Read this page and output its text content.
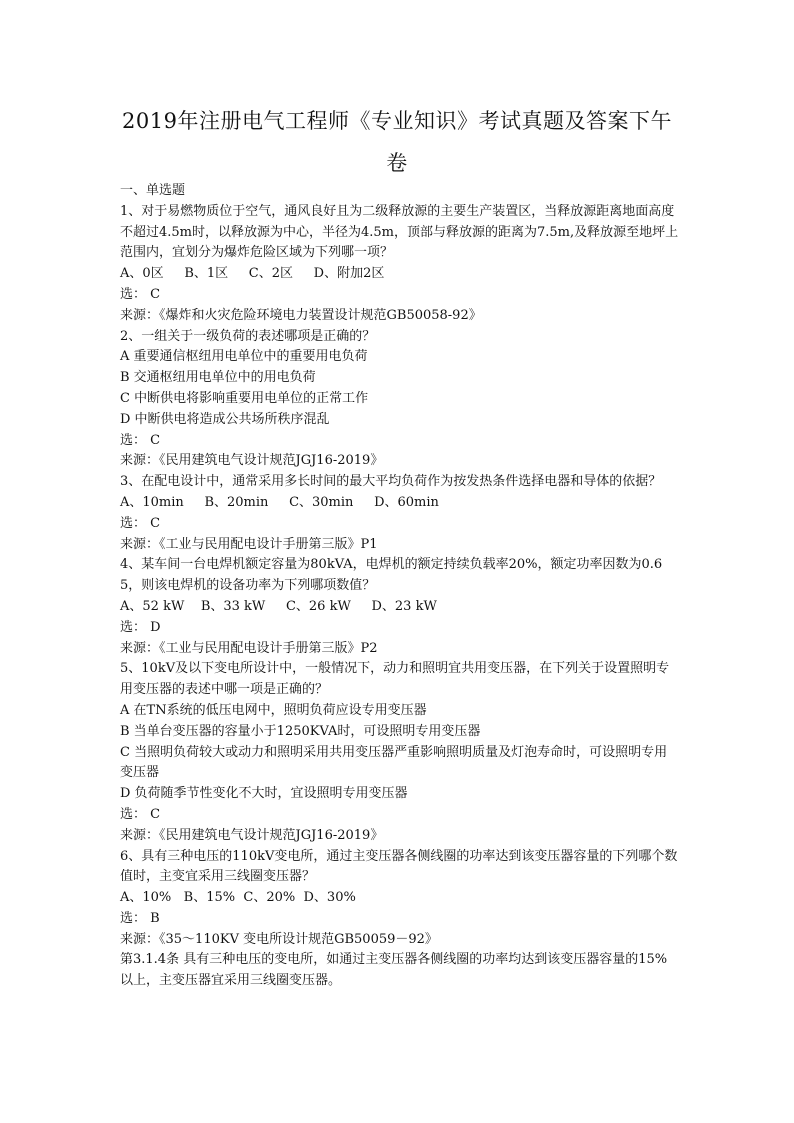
2019年注册电气工程师《专业知识》考试真题及答案下午
卷
一、单选题
1、对于易燃物质位于空气，通风良好且为二级释放源的主要生产装置区，当释放源距离地面高度不超过4.5m时，以释放源为中心，半径为4.5m，顶部与释放源的距离为7.5m,及释放源至地坪上范围内，宜划分为爆炸危险区域为下列哪一项？
A、0区     B、1区     C、2区     D、附加2区
选： C
来源：《爆炸和火灾危险环境电力装置设计规范GB50058-92》
2、一组关于一级负荷的表述哪项是正确的？
A 重要通信枢纽用电单位中的重要用电负荷
B 交通枢纽用电单位中的用电负荷
C 中断供电将影响重要用电单位的正常工作
D 中断供电将造成公共场所秩序混乱
选： C
来源：《民用建筑电气设计规范JGJ16-2019》
3、在配电设计中，通常采用多长时间的最大平均负荷作为按发热条件选择电器和导体的依据？
A、10min     B、20min     C、30min     D、60min
选： C
来源：《工业与民用配电设计手册第三版》P1
4、某车间一台电焊机额定容量为80kVA，电焊机的额定持续负载率20%，额定功率因数为0.65，则该电焊机的设备功率为下列哪项数值？
A、52 kW    B、33 kW     C、26 kW     D、23 kW
选： D
来源：《工业与民用配电设计手册第三版》P2
5、10kV及以下变电所设计中，一般情况下，动力和照明宜共用变压器，在下列关于设置照明专用变压器的表述中哪一项是正确的？
A 在TN系统的低压电网中，照明负荷应设专用变压器
B 当单台变压器的容量小于1250KVA时，可设照明专用变压器
C 当照明负荷较大或动力和照明采用共用变压器严重影响照明质量及灯泡寿命时，可设照明专用变压器
D 负荷随季节性变化不大时，宜设照明专用变压器
选： C
来源：《民用建筑电气设计规范JGJ16-2019》
6、具有三种电压的110kV变电所，通过主变压器各侧线圈的功率达到该变压器容量的下列哪个数值时，主变宜采用三线圈变压器？
A、10%   B、15%  C、20%  D、30%
选： B
来源：《35～110KV 变电所设计规范GB50059－92》
第3.1.4条 具有三种电压的变电所，如通过主变压器各侧线圈的功率均达到该变压器容量的15%以上，主变压器宜采用三线圈变压器。
